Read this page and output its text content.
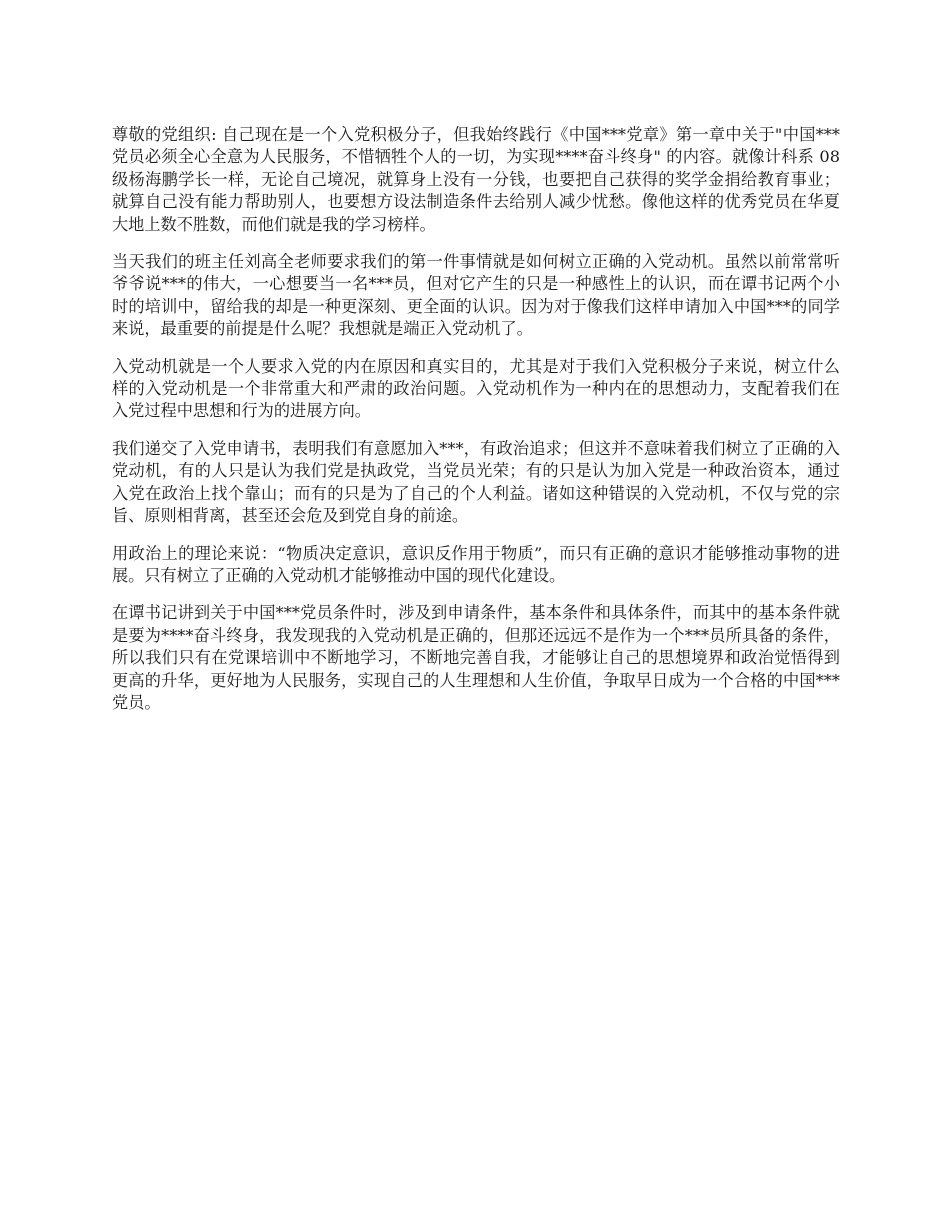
尊敬的党组织: 自己现在是一个入党积极分子，但我始终践行《中国***党章》第一章中关于"中国***党员必须全心全意为人民服务，不惜牺牲个人的一切，为实现****奋斗终身" 的内容。就像计科系 08 级杨海鹏学长一样，无论自己境况，就算身上没有一分钱，也要把自己获得的奖学金捐给教育事业；就算自己没有能力帮助别人，也要想方设法制造条件去给别人减少忧愁。像他这样的优秀党员在华夏大地上数不胜数，而他们就是我的学习榜样。

当天我们的班主任刘高全老师要求我们的第一件事情就是如何树立正确的入党动机。虽然以前常常听爷爷说***的伟大，一心想要当一名***员，但对它产生的只是一种感性上的认识，而在谭书记两个小时的培训中，留给我的却是一种更深刻、更全面的认识。因为对于像我们这样申请加入中国***的同学来说，最重要的前提是什么呢？我想就是端正入党动机了。

入党动机就是一个人要求入党的内在原因和真实目的，尤其是对于我们入党积极分子来说，树立什么样的入党动机是一个非常重大和严肃的政治问题。入党动机作为一种内在的思想动力，支配着我们在入党过程中思想和行为的进展方向。

我们递交了入党申请书，表明我们有意愿加入***，有政治追求；但这并不意味着我们树立了正确的入党动机，有的人只是认为我们党是执政党，当党员光荣；有的只是认为加入党是一种政治资本，通过入党在政治上找个靠山；而有的只是为了自己的个人利益。诸如这种错误的入党动机，不仅与党的宗旨、原则相背离，甚至还会危及到党自身的前途。

用政治上的理论来说：“物质决定意识，意识反作用于物质”，而只有正确的意识才能够推动事物的进展。只有树立了正确的入党动机才能够推动中国的现代化建设。

在谭书记讲到关于中国***党员条件时，涉及到申请条件，基本条件和具体条件，而其中的基本条件就是要为****奋斗终身，我发现我的入党动机是正确的，但那还远远不是作为一个***员所具备的条件，所以我们只有在党课培训中不断地学习，不断地完善自我，才能够让自己的思想境界和政治觉悟得到更高的升华，更好地为人民服务，实现自己的人生理想和人生价值，争取早日成为一个合格的中国***党员。
